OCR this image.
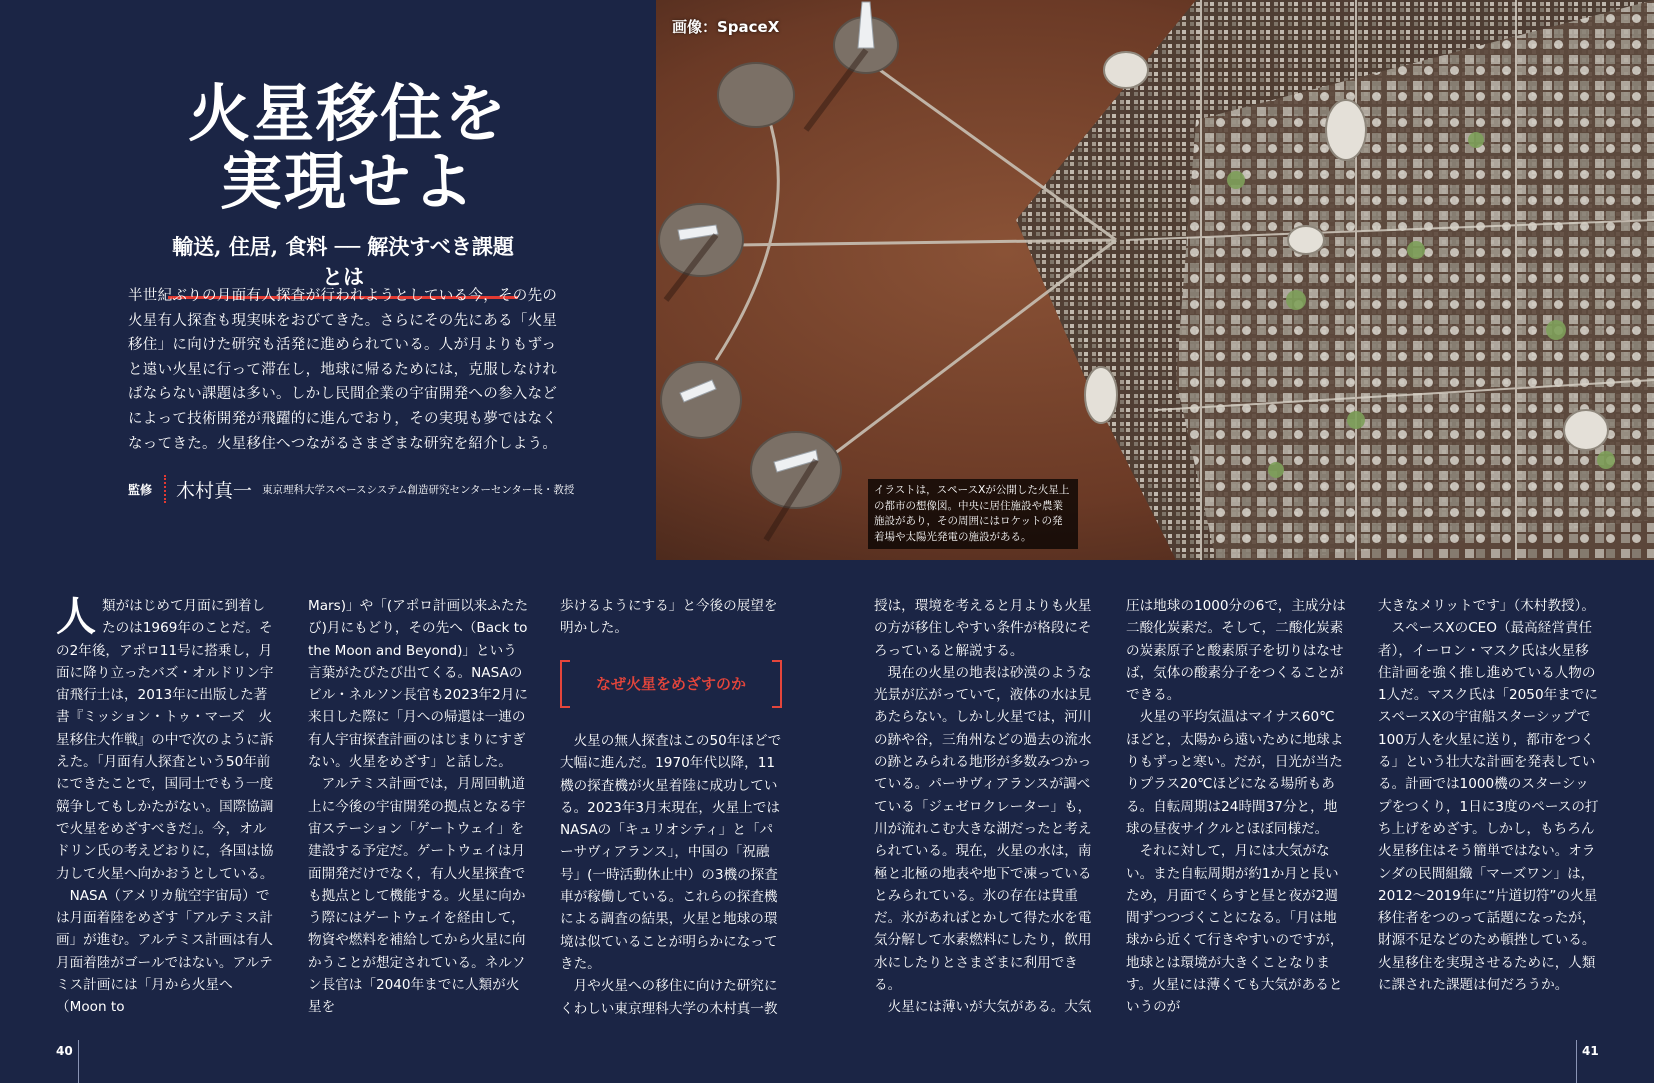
火星移住を
実現せよ
輸送, 住居, 食料 ── 解決すべき課題とは
半世紀ぶりの月面有人探査が行われようとしている今，その先の
火星有人探査も現実味をおびてきた。さらにその先にある「火星
移住」に向けた研究も活発に進められている。人が月よりもずっ
と遠い火星に行って滞在し，地球に帰るためには，克服しなけれ
ばならない課題は多い。しかし民間企業の宇宙開発への参入など
によって技術開発が飛躍的に進んでおり，その実現も夢ではなく
なってきた。火星移住へつながるさまざまな研究を紹介しよう。
監修 木村真一 東京理科大学スペースシステム創造研究センターセンター長・教授
画像：SpaceX
イラストは，スペースXが公開した火星上の都市の想像図。中央に居住施設や農業施設があり，その周囲にはロケットの発着場や太陽光発電の施設がある。
人類がはじめて月面に到着したのは1969年のことだ。その2年後，アポロ11号に搭乗し，月面に降り立ったバズ・オルドリン宇宙飛行士は，2013年に出版した著書『ミッション・トゥ・マーズ　火星移住大作戦』の中で次のように訴えた。「月面有人探査という50年前にできたことで，国同士でもう一度競争してもしかたがない。国際協調で火星をめざすべきだ」。今，オルドリン氏の考えどおりに，各国は協力して火星へ向かおうとしている。
　NASA（アメリカ航空宇宙局）では月面着陸をめざす「アルテミス計画」が進む。アルテミス計画は有人月面着陸がゴールではない。アルテミス計画には「月から火星へ（Moon to
Mars)」や「(アポロ計画以来ふたたび)月にもどり，その先へ（Back to the Moon and Beyond)」という言葉がたびたび出てくる。NASAのビル・ネルソン長官も2023年2月に来日した際に「月への帰還は一連の有人宇宙探査計画のはじまりにすぎない。火星をめざす」と話した。
　アルテミス計画では，月周回軌道上に今後の宇宙開発の拠点となる宇宙ステーション「ゲートウェイ」を建設する予定だ。ゲートウェイは月面開発だけでなく，有人火星探査でも拠点として機能する。火星に向かう際にはゲートウェイを経由して，物資や燃料を補給してから火星に向かうことが想定されている。ネルソン長官は「2040年までに人類が火星を
歩けるようにする」と今後の展望を明かした。
なぜ火星をめざすのか
　火星の無人探査はこの50年ほどで大幅に進んだ。1970年代以降，11機の探査機が火星着陸に成功している。2023年3月末現在，火星上ではNASAの「キュリオシティ」と「パーサヴィアランス」，中国の「祝融号」(一時活動休止中）の3機の探査車が稼働している。これらの探査機による調査の結果，火星と地球の環境は似ていることが明らかになってきた。
　月や火星への移住に向けた研究にくわしい東京理科大学の木村真一教
授は，環境を考えると月よりも火星の方が移住しやすい条件が格段にそろっていると解説する。
　現在の火星の地表は砂漠のような光景が広がっていて，液体の水は見あたらない。しかし火星では，河川の跡や谷，三角州などの過去の流水の跡とみられる地形が多数みつかっている。パーサヴィアランスが調べている「ジェゼロクレーター」も，川が流れこむ大きな湖だったと考えられている。現在，火星の水は，南極と北極の地表や地下で凍っているとみられている。氷の存在は貴重だ。氷があればとかして得た水を電気分解して水素燃料にしたり，飲用水にしたりとさまざまに利用できる。
　火星には薄いが大気がある。大気
圧は地球の1000分の6で，主成分は二酸化炭素だ。そして，二酸化炭素の炭素原子と酸素原子を切りはなせば，気体の酸素分子をつくることができる。
　火星の平均気温はマイナス60℃ほどと，太陽から遠いために地球よりもずっと寒い。だが，日光が当たりプラス20℃ほどになる場所もある。自転周期は24時間37分と，地球の昼夜サイクルとほぼ同様だ。
　それに対して，月には大気がない。また自転周期が約1か月と長いため，月面でくらすと昼と夜が2週間ずつつづくことになる。「月は地球から近くて行きやすいのですが，地球とは環境が大きくことなります。火星には薄くても大気があるというのが
大きなメリットです」（木村教授）。
　スペースXのCEO（最高経営責任者），イーロン・マスク氏は火星移住計画を強く推し進めている人物の1人だ。マスク氏は「2050年までにスペースXの宇宙船スターシップで100万人を火星に送り，都市をつくる」という壮大な計画を発表している。計画では1000機のスターシップをつくり，1日に3度のペースの打ち上げをめざす。しかし，もちろん火星移住はそう簡単ではない。オランダの民間組織「マーズワン」は，2012～2019年に“片道切符”の火星移住者をつのって話題になったが，財源不足などのため頓挫している。火星移住を実現させるために，人類に課された課題は何だろうか。
40	41
